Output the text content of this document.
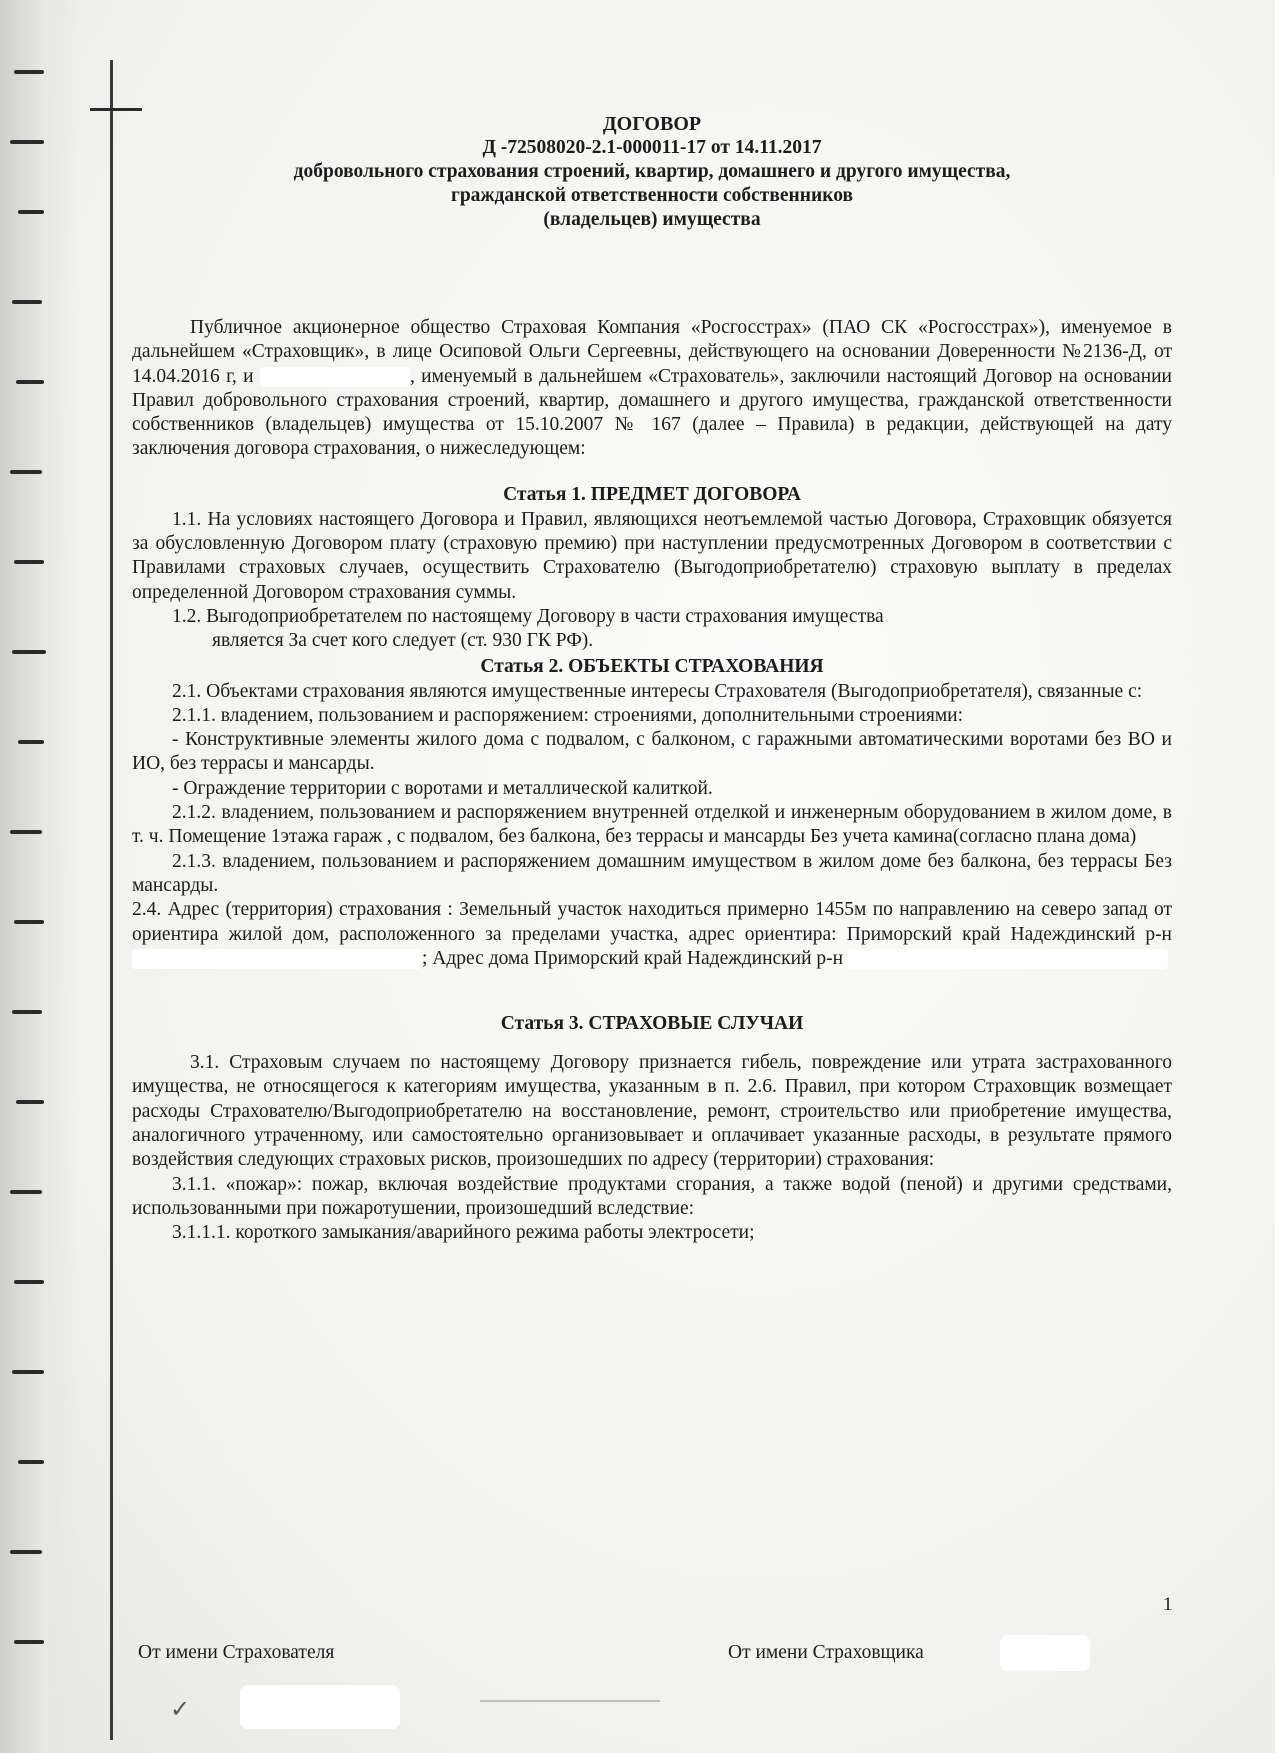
ДОГОВОР
Д -72508020-2.1-000011-17 от 14.11.2017
добровольного страхования строений, квартир, домашнего и другого имущества,
гражданской ответственности собственников
(владельцев) имущества

Публичное акционерное общество Страховая Компания «Росгосстрах» (ПАО СК «Росгосстрах»), именуемое в дальнейшем «Страховщик», в лице Осиповой Ольги Сергеевны, действующего на основании Доверенности №2136-Д, от 14.04.2016 г, и	, именуемый в дальнейшем «Страхователь», заключили настоящий Договор на основании Правил добровольного страхования строений, квартир, домашнего и другого имущества, гражданской ответственности собственников (владельцев) имущества от 15.10.2007 № 167 (далее – Правила) в редакции, действующей на дату заключения договора страхования, о нижеследующем:

Статья 1. ПРЕДМЕТ ДОГОВОРА

1.1. На условиях настоящего Договора и Правил, являющихся неотъемлемой частью Договора, Страховщик обязуется за обусловленную Договором плату (страховую премию) при наступлении предусмотренных Договором в соответствии с Правилами страховых случаев, осуществить Страхователю (Выгодоприобретателю) страховую выплату в пределах определенной Договором страхования суммы.

1.2. Выгодоприобретателем по настоящему Договору в части страхования имущества

является За счет кого следует (ст. 930 ГК РФ).

Статья 2. ОБЪЕКТЫ СТРАХОВАНИЯ

2.1. Объектами страхования являются имущественные интересы Страхователя (Выгодоприобретателя), связанные с:

2.1.1. владением, пользованием и распоряжением: строениями, дополнительными строениями:

- Конструктивные элементы жилого дома с подвалом, с балконом, с гаражными автоматическими воротами без ВО и ИО, без террасы и мансарды.

- Ограждение территории с воротами и металлической калиткой.

2.1.2. владением, пользованием и распоряжением внутренней отделкой и инженерным оборудованием в жилом доме, в т. ч. Помещение 1этажа гараж , с подвалом, без балкона, без террасы и мансарды Без учета камина(согласно плана дома)

2.1.3. владением, пользованием и распоряжением домашним имуществом в жилом доме без балкона, без террасы Без мансарды.

2.4. Адрес (территория) страхования : Земельный участок находиться примерно 1455м по направлению на северо запад от ориентира жилой дом, расположенного за пределами участка, адрес ориентира: Приморский край Надеждинский р-н ; Адрес дома Приморский край Надеждинский р-н

Статья 3. СТРАХОВЫЕ СЛУЧАИ

3.1. Страховым случаем по настоящему Договору признается гибель, повреждение или утрата застрахованного имущества, не относящегося к категориям имущества, указанным в п. 2.6. Правил, при котором Страховщик возмещает расходы Страхователю/Выгодоприобретателю на восстановление, ремонт, строительство или приобретение имущества, аналогичного утраченному, или самостоятельно организовывает и оплачивает указанные расходы, в результате прямого воздействия следующих страховых рисков, произошедших по адресу (территории) страхования:

3.1.1. «пожар»: пожар, включая воздействие продуктами сгорания, а также водой (пеной) и другими средствами, использованными при пожаротушении, произошедший вследствие:

3.1.1.1. короткого замыкания/аварийного режима работы электросети;

1
От имени Страхователя	От имени Страховщика
✓
